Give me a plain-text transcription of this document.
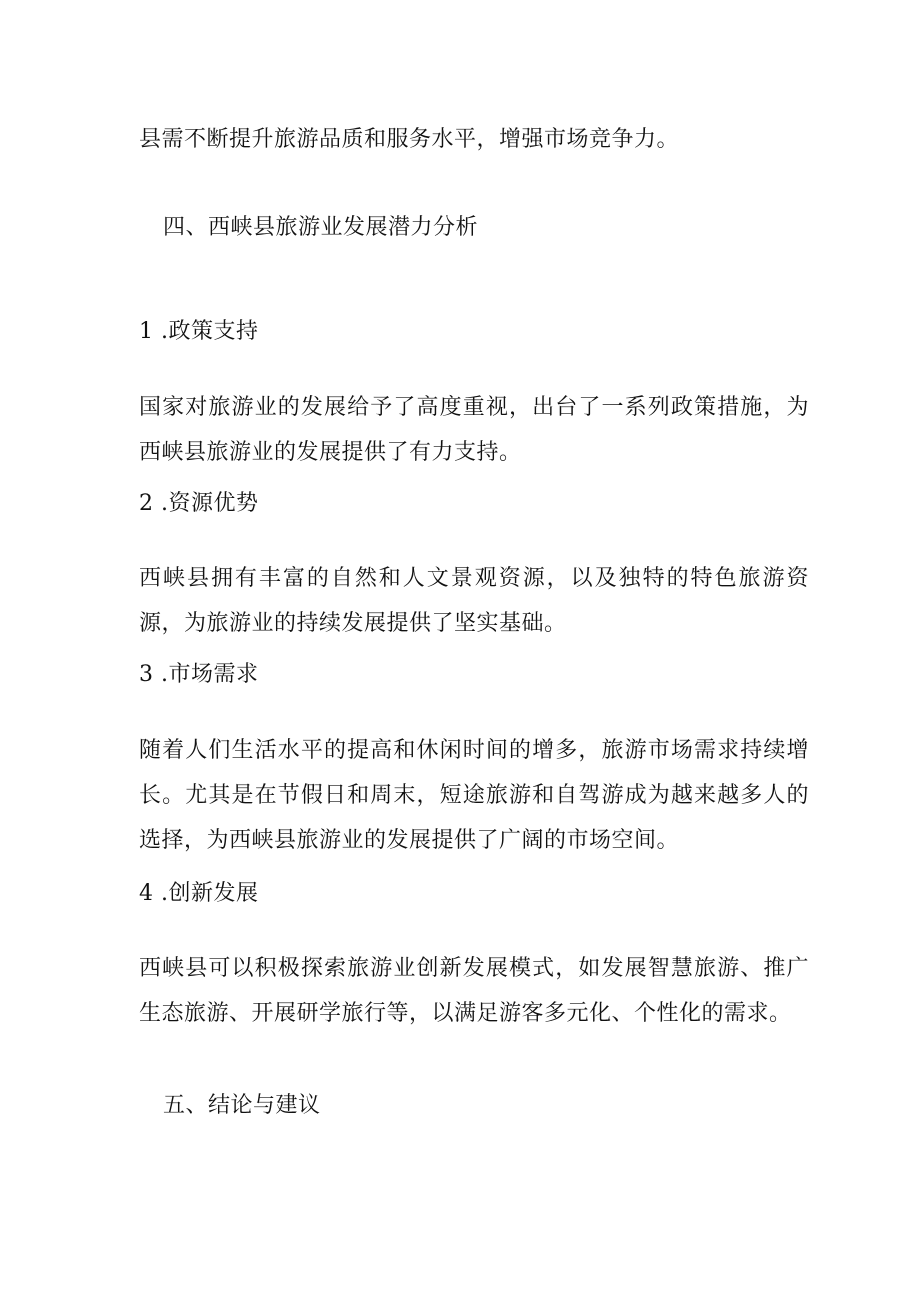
县需不断提升旅游品质和服务水平，增强市场竞争力。
四、西峡县旅游业发展潜力分析
1 .政策支持
国家对旅游业的发展给予了高度重视，出台了一系列政策措施，为西峡县旅游业的发展提供了有力支持。
2 .资源优势
西峡县拥有丰富的自然和人文景观资源，以及独特的特色旅游资源，为旅游业的持续发展提供了坚实基础。
3 .市场需求
随着人们生活水平的提高和休闲时间的增多，旅游市场需求持续增长。尤其是在节假日和周末，短途旅游和自驾游成为越来越多人的选择，为西峡县旅游业的发展提供了广阔的市场空间。
4 .创新发展
西峡县可以积极探索旅游业创新发展模式，如发展智慧旅游、推广生态旅游、开展研学旅行等，以满足游客多元化、个性化的需求。
五、结论与建议
